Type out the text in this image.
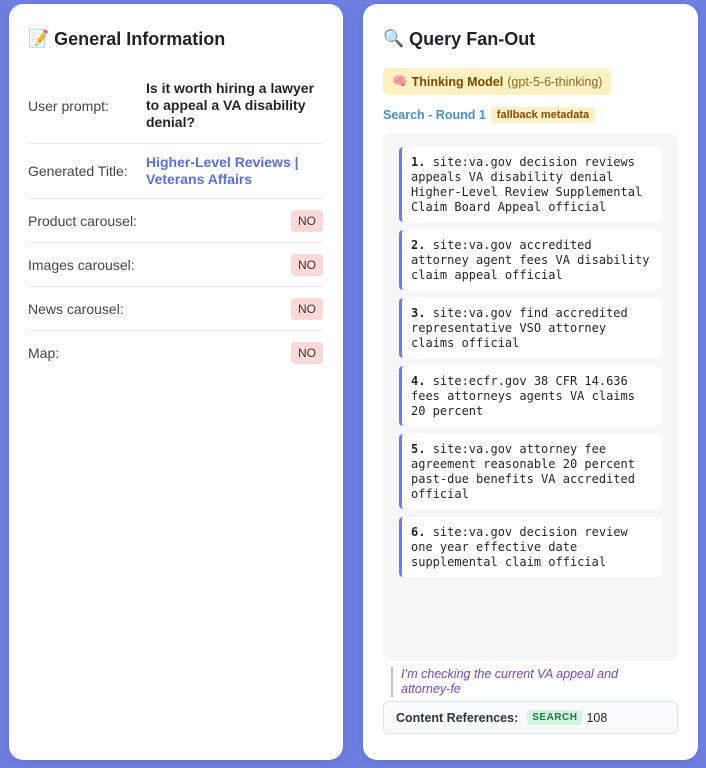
📝 General Information
User prompt:
Is it worth hiring a lawyer to appeal a VA disability denial?
Generated Title:
Higher-Level Reviews | Veterans Affairs
Product carousel:	NO
Images carousel:	NO
News carousel:	NO
Map:	NO
🔍 Query Fan-Out
🧠 Thinking Model (gpt-5-6-thinking)
Search - Round 1	fallback metadata
1. site:va.gov decision reviews appeals VA disability denial Higher-Level Review Supplemental Claim Board Appeal official
2. site:va.gov accredited attorney agent fees VA disability claim appeal official
3. site:va.gov find accredited representative VSO attorney claims official
4. site:ecfr.gov 38 CFR 14.636 fees attorneys agents VA claims 20 percent
5. site:va.gov attorney fee agreement reasonable 20 percent past-due benefits VA accredited official
6. site:va.gov decision review one year effective date supplemental claim official
I’m checking the current VA appeal and attorney-fe
Content References:	SEARCH 108
